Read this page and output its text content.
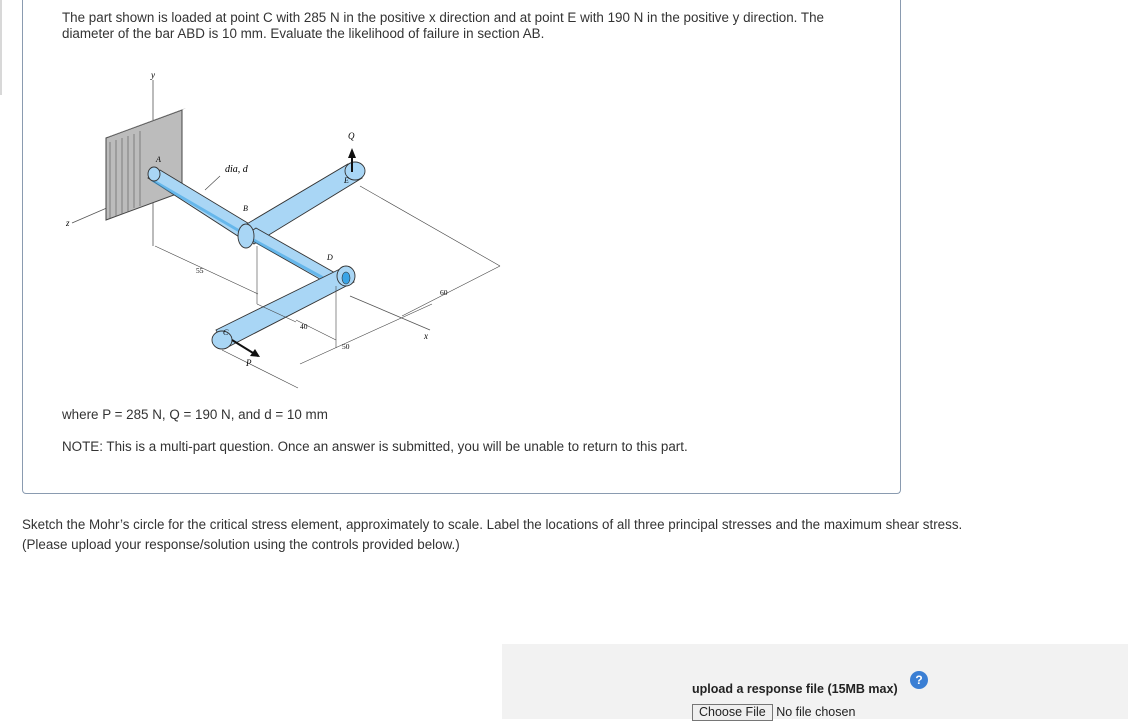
The part shown is loaded at point C with 285 N in the positive x direction and at point E with 190 N in the positive y direction. The diameter of the bar ABD is 10 mm. Evaluate the likelihood of failure in section AB.
y
z
x
A
B
C
D
E
P
Q
dia, d
55
40
50
60
where P = 285 N, Q = 190 N, and d = 10 mm
NOTE: This is a multi-part question. Once an answer is submitted, you will be unable to return to this part.
Sketch the Mohr’s circle for the critical stress element, approximately to scale. Label the locations of all three principal stresses and the maximum shear stress.
(Please upload your response/solution using the controls provided below.)
upload a response file (15MB max)
?
Choose File No file chosen
